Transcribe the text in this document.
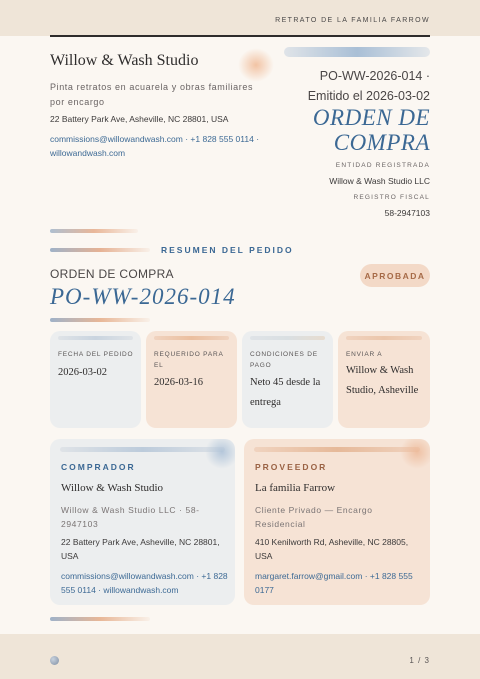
RETRATO DE LA FAMILIA FARROW
Willow & Wash Studio
Pinta retratos en acuarela y obras familiares por encargo
22 Battery Park Ave, Asheville, NC 28801, USA
commissions@willowandwash.com · +1 828 555 0114 · willowandwash.com
PO-WW-2026-014 ·
Emitido el 2026-03-02
ORDEN DE
COMPRA
ENTIDAD REGISTRADA
Willow & Wash Studio LLC
REGISTRO FISCAL
58-2947103
RESUMEN DEL PEDIDO
ORDEN DE COMPRA	APROBADA
PO-WW-2026-014
FECHA DEL PEDIDO
2026-03-02
REQUERIDO PARA EL
2026-03-16
CONDICIONES DE PAGO
Neto 45 desde la entrega
ENVIAR A
Willow & Wash Studio, Asheville
COMPRADOR
Willow & Wash Studio
Willow & Wash Studio LLC · 58-2947103
22 Battery Park Ave, Asheville, NC 28801, USA
commissions@willowandwash.com · +1 828 555 0114 · willowandwash.com
PROVEEDOR
La familia Farrow
Cliente Privado — Encargo Residencial
410 Kenilworth Rd, Asheville, NC 28805, USA
margaret.farrow@gmail.com · +1 828 555 0177
1 / 3
